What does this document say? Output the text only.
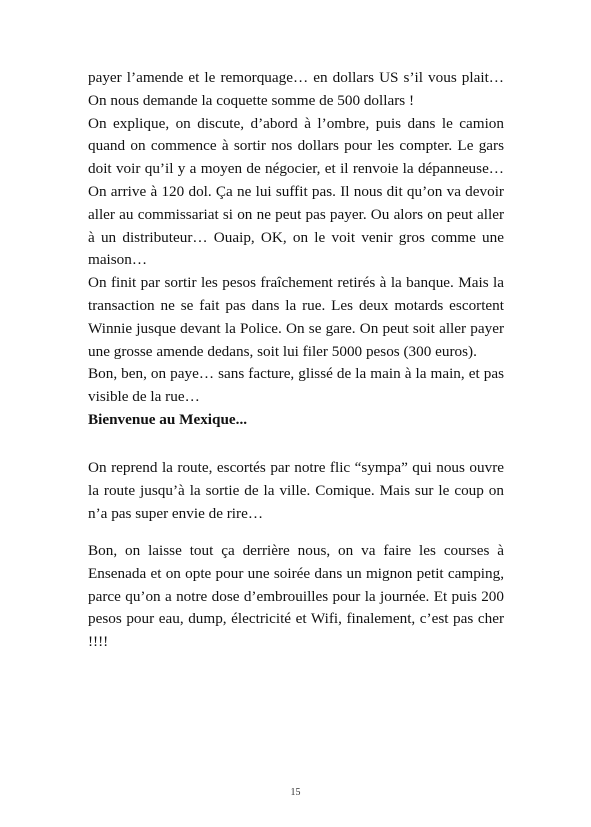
payer l’amende et le remorquage… en dollars US s’il vous plait… On nous demande la coquette somme de 500 dollars !

On explique, on discute, d’abord à l’ombre, puis dans le camion quand on commence à sortir nos dollars pour les compter. Le gars doit voir qu’il y a moyen de négocier, et il renvoie la dépanneuse… On arrive à 120 dol. Ça ne lui suffit pas. Il nous dit qu’on va devoir aller au commissariat si on ne peut pas payer. Ou alors on peut aller à un distributeur… Ouaip, OK, on le voit venir gros comme une maison…

On finit par sortir les pesos fraîchement retirés à la banque. Mais la transaction ne se fait pas dans la rue. Les deux motards escortent Winnie jusque devant la Police. On se gare. On peut soit aller payer une grosse amende dedans, soit lui filer 5000 pesos (300 euros).

Bon, ben, on paye… sans facture, glissé de la main à la main, et pas visible de la rue…

Bienvenue au Mexique...

On reprend la route, escortés par notre flic “sympa” qui nous ouvre la route jusqu’à la sortie de la ville. Comique. Mais sur le coup on n’a pas super envie de rire…

Bon, on laisse tout ça derrière nous, on va faire les courses à Ensenada et on opte pour une soirée dans un mignon petit camping, parce qu’on a notre dose d’embrouilles pour la journée. Et puis 200 pesos pour eau, dump, électricité et Wifi, finalement, c’est pas cher !!!!

15
